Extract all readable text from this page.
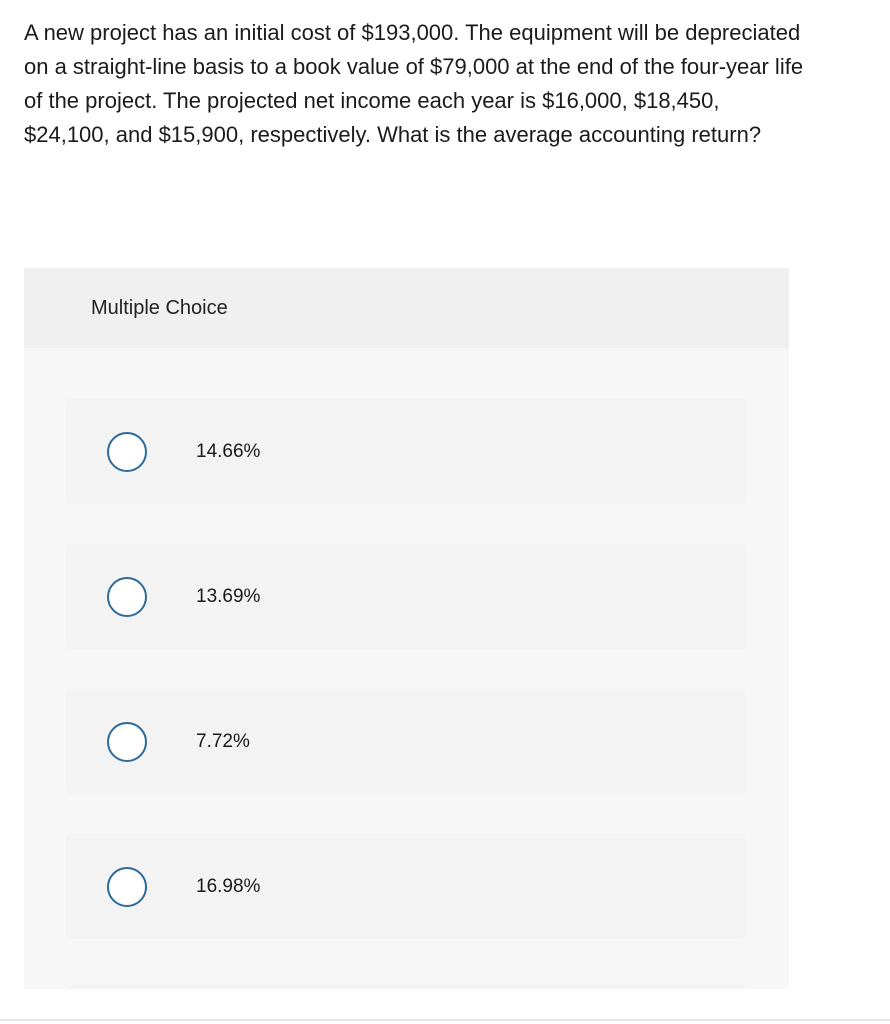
A new project has an initial cost of $193,000. The equipment will be depreciated on a straight-line basis to a book value of $79,000 at the end of the four-year life of the project. The projected net income each year is $16,000, $18,450, $24,100, and $15,900, respectively. What is the average accounting return?

Multiple Choice
14.66%
13.69%
7.72%
16.98%
